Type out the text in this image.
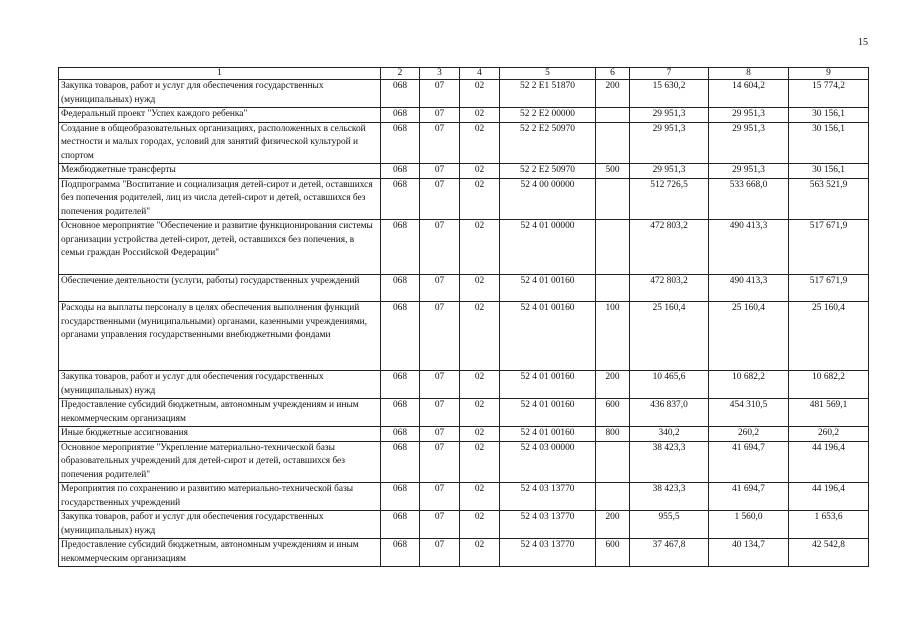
15
1	2	3	4	5	6	7	8	9
Закупка товаров, работ и услуг для обеспечения государственных (муниципальных) нужд	068	07	02	52 2 E1 51870	200	15 630,2	14 604,2	15 774,2
Федеральный проект "Успех каждого ребенка"	068	07	02	52 2 E2 00000		29 951,3	29 951,3	30 156,1
Создание в общеобразовательных организациях, расположенных в сельской местности и малых городах, условий для занятий физической культурой и спортом	068	07	02	52 2 E2 50970		29 951,3	29 951,3	30 156,1
Межбюджетные трансферты	068	07	02	52 2 E2 50970	500	29 951,3	29 951,3	30 156,1
Подпрограмма "Воспитание и социализация детей-сирот и детей, оставшихся без попечения родителей, лиц из числа детей-сирот и детей, оставшихся без попечения родителей"	068	07	02	52 4 00 00000		512 726,5	533 668,0	563 521,9
Основное мероприятие "Обеспечение и развитие функционирования системы организации устройства детей-сирот, детей, оставшихся без попечения, в семьи граждан Российской Федерации"	068	07	02	52 4 01 00000		472 803,2	490 413,3	517 671,9
Обеспечение деятельности (услуги, работы) государственных учреждений	068	07	02	52 4 01 00160		472 803,2	490 413,3	517 671,9
Расходы на выплаты персоналу в целях обеспечения выполнения функций государственными (муниципальными) органами, казенными учреждениями, органами управления государственными внебюджетными фондами	068	07	02	52 4 01 00160	100	25 160,4	25 160,4	25 160,4
Закупка товаров, работ и услуг для обеспечения государственных (муниципальных) нужд	068	07	02	52 4 01 00160	200	10 465,6	10 682,2	10 682,2
Предоставление субсидий бюджетным, автономным учреждениям и иным некоммерческим организациям	068	07	02	52 4 01 00160	600	436 837,0	454 310,5	481 569,1
Иные бюджетные ассигнования	068	07	02	52 4 01 00160	800	340,2	260,2	260,2
Основное мероприятие "Укрепление материально-технической базы образовательных учреждений для детей-сирот и детей, оставшихся без попечения родителей"	068	07	02	52 4 03 00000		38 423,3	41 694,7	44 196,4
Мероприятия по сохранению и развитию материально-технической базы государственных учреждений	068	07	02	52 4 03 13770		38 423,3	41 694,7	44 196,4
Закупка товаров, работ и услуг для обеспечения государственных (муниципальных) нужд	068	07	02	52 4 03 13770	200	955,5	1 560,0	1 653,6
Предоставление субсидий бюджетным, автономным учреждениям и иным некоммерческим организациям	068	07	02	52 4 03 13770	600	37 467,8	40 134,7	42 542,8
